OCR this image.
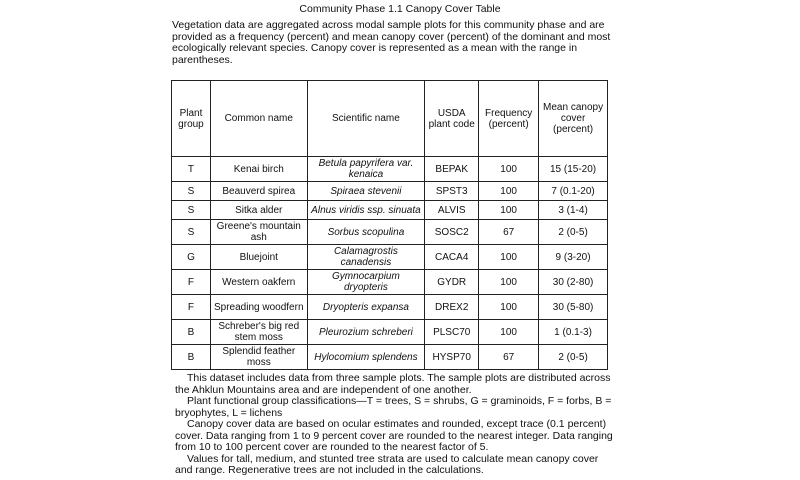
Community Phase 1.1 Canopy Cover Table
Vegetation data are aggregated across modal sample plots for this community phase and are provided as a frequency (percent) and mean canopy cover (percent) of the dominant and most ecologically relevant species. Canopy cover is represented as a mean with the range in parentheses.
Plant group	Common name	Scientific name	USDA plant code	Frequency (percent)	Mean canopy cover (percent)
T	Kenai birch	Betula papyrifera var. kenaica	BEPAK	100	15 (15-20)
S	Beauverd spirea	Spiraea stevenii	SPST3	100	7 (0.1-20)
S	Sitka alder	Alnus viridis ssp. sinuata	ALVIS	100	3 (1-4)
S	Greene's mountain ash	Sorbus scopulina	SOSC2	67	2 (0-5)
G	Bluejoint	Calamagrostis canadensis	CACA4	100	9 (3-20)
F	Western oakfern	Gymnocarpium dryopteris	GYDR	100	30 (2-80)
F	Spreading woodfern	Dryopteris expansa	DREX2	100	30 (5-80)
B	Schreber's big red stem moss	Pleurozium schreberi	PLSC70	100	1 (0.1-3)
B	Splendid feather moss	Hylocomium splendens	HYSP70	67	2 (0-5)

This dataset includes data from three sample plots. The sample plots are distributed across the Ahklun Mountains area and are independent of one another.

Plant functional group classifications—T = trees, S = shrubs, G = graminoids, F = forbs, B = bryophytes, L = lichens

Canopy cover data are based on ocular estimates and rounded, except trace (0.1 percent) cover. Data ranging from 1 to 9 percent cover are rounded to the nearest integer. Data ranging from 10 to 100 percent cover are rounded to the nearest factor of 5.

Values for tall, medium, and stunted tree strata are used to calculate mean canopy cover and range. Regenerative trees are not included in the calculations.
